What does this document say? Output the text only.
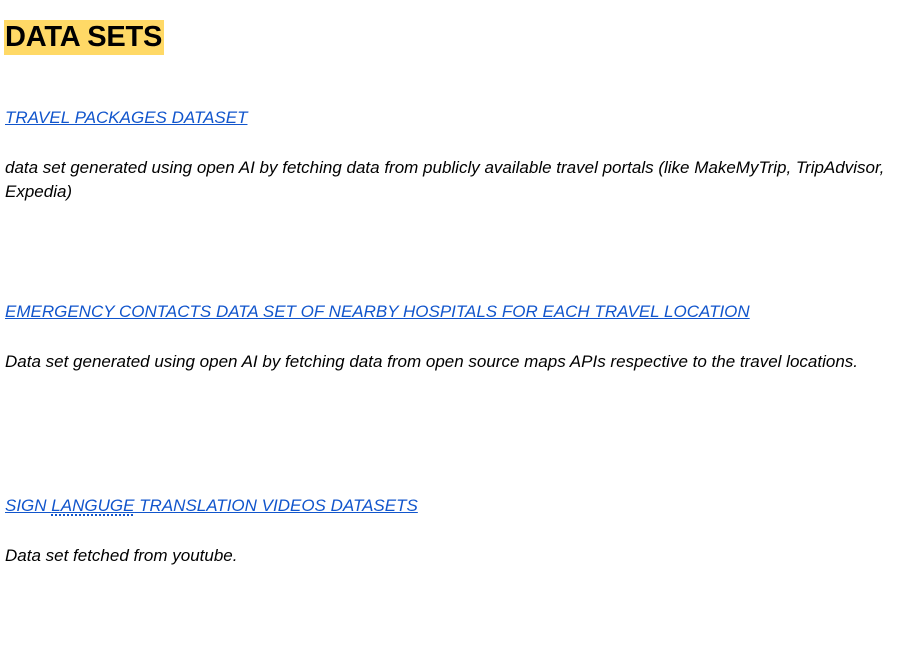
DATA SETS
TRAVEL PACKAGES DATASET

data set generated using open AI by fetching data from publicly available travel portals (like MakeMyTrip, TripAdvisor, Expedia)

EMERGENCY CONTACTS DATA SET OF NEARBY HOSPITALS FOR EACH TRAVEL LOCATION

Data set generated using open AI by fetching data from open source maps APIs respective to the travel locations.

SIGN LANGUGE TRANSLATION VIDEOS DATASETS

Data set fetched from youtube.
